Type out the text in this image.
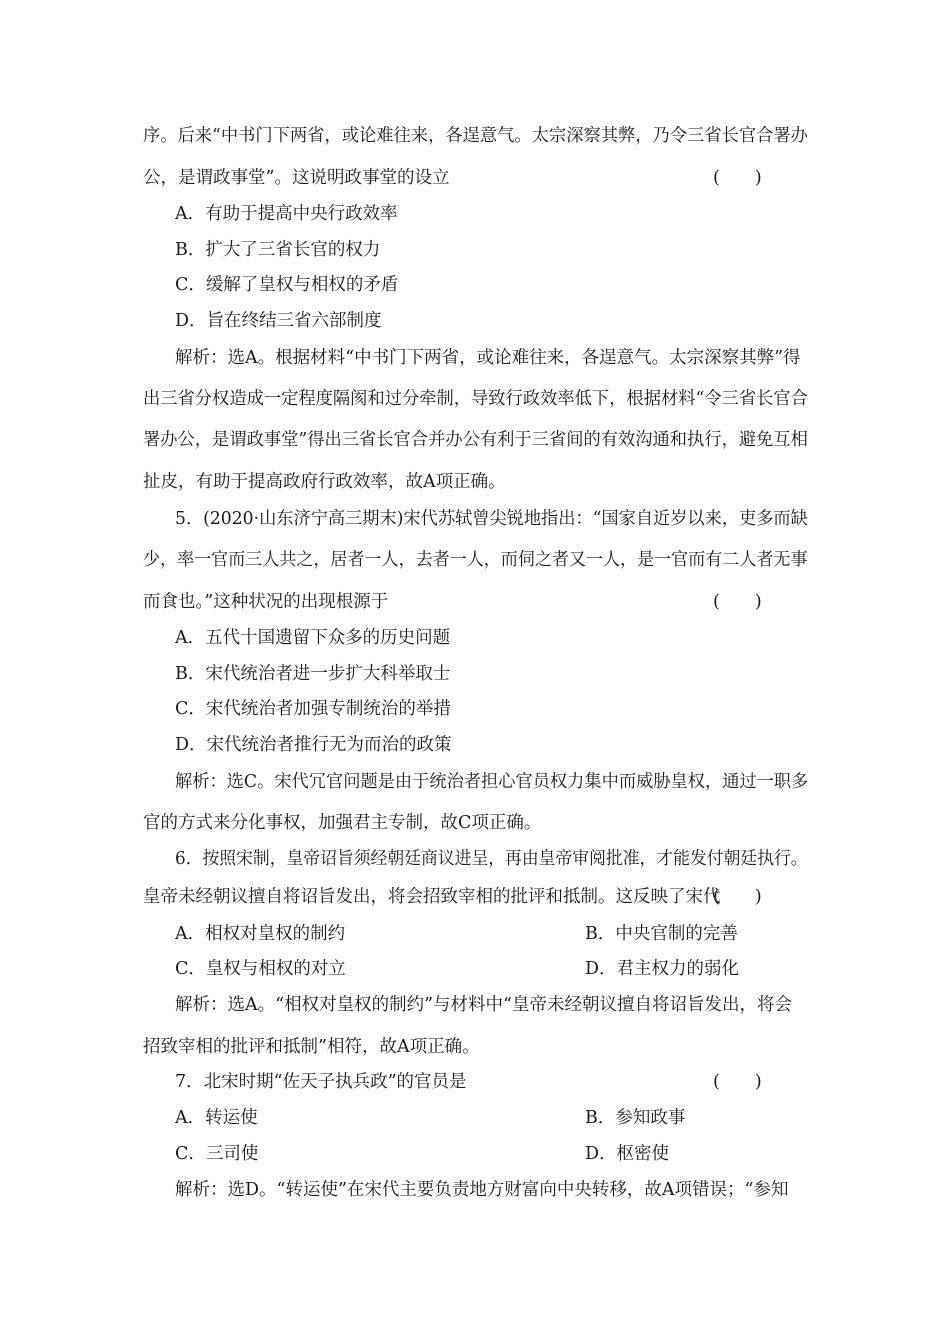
序。后来“中书门下两省，或论难往来，各逞意气。太宗深察其弊，乃令三省长官合署办
公，是谓政事堂”。这说明政事堂的设立	(　　)
A．有助于提高中央行政效率
B．扩大了三省长官的权力
C．缓解了皇权与相权的矛盾
D．旨在终结三省六部制度
解析：选A。根据材料“中书门下两省，或论难往来，各逞意气。太宗深察其弊”得
出三省分权造成一定程度隔阂和过分牵制，导致行政效率低下，根据材料“令三省长官合
署办公，是谓政事堂”得出三省长官合并办公有利于三省间的有效沟通和执行，避免互相
扯皮，有助于提高政府行政效率，故A项正确。
5．(2020·山东济宁高三期末)宋代苏轼曾尖锐地指出：“国家自近岁以来，吏多而缺
少，率一官而三人共之，居者一人，去者一人，而伺之者又一人，是一官而有二人者无事
而食也。”这种状况的出现根源于	(　　)
A．五代十国遗留下众多的历史问题
B．宋代统治者进一步扩大科举取士
C．宋代统治者加强专制统治的举措
D．宋代统治者推行无为而治的政策
解析：选C。宋代冗官问题是由于统治者担心官员权力集中而威胁皇权，通过一职多
官的方式来分化事权，加强君主专制，故C项正确。
6．按照宋制，皇帝诏旨须经朝廷商议进呈，再由皇帝审阅批准，才能发付朝廷执行。
皇帝未经朝议擅自将诏旨发出，将会招致宰相的批评和抵制。这反映了宋代
(　　)
A．相权对皇权的制约	B．中央官制的完善
C．皇权与相权的对立	D．君主权力的弱化
解析：选A。“相权对皇权的制约”与材料中“皇帝未经朝议擅自将诏旨发出，将会
招致宰相的批评和抵制”相符，故A项正确。
7．北宋时期“佐天子执兵政”的官员是	(　　)
A．转运使	B．参知政事
C．三司使	D．枢密使
解析：选D。“转运使”在宋代主要负责地方财富向中央转移，故A项错误；“参知
